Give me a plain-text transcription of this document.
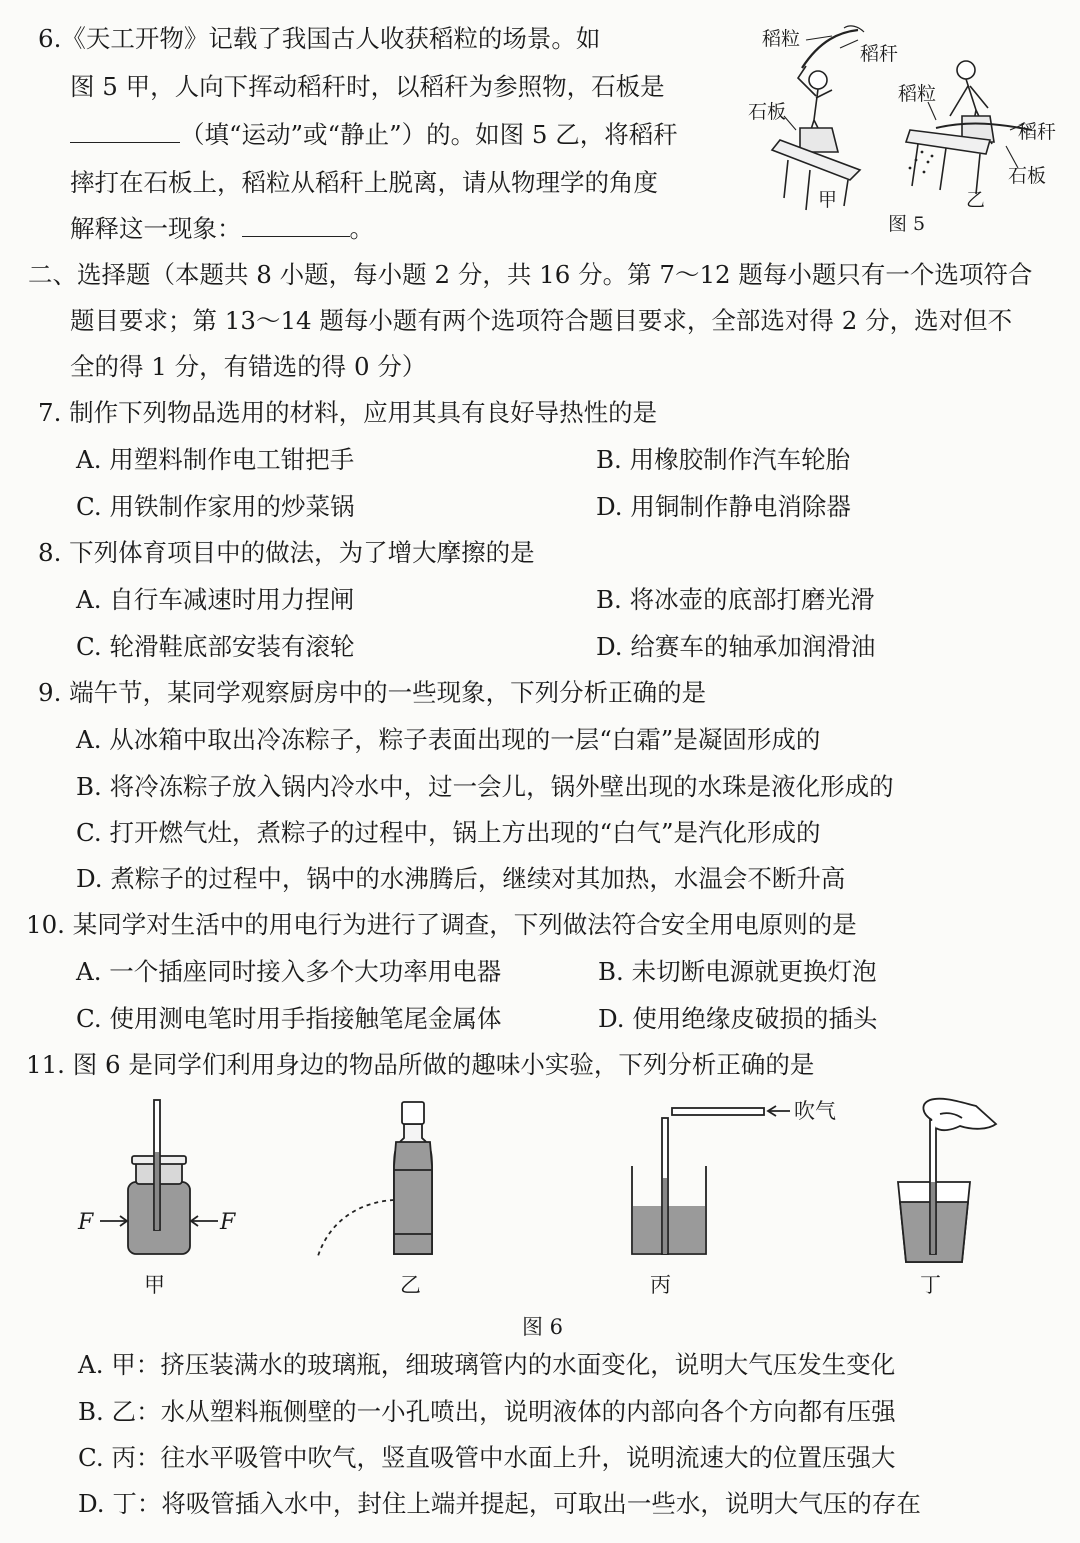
6.《天工开物》记载了我国古人收获稻粒的场景。如
图 5 甲，人向下挥动稻秆时，以稻秆为参照物，石板是
（填“运动”或“静止”）的。如图 5 乙，将稻秆
摔打在石板上，稻粒从稻秆上脱离，请从物理学的角度
解释这一现象：	。
稻粒
稻秆
石板
稻粒
稻秆
石板
甲	乙
图 5
二、选择题（本题共 8 小题，每小题 2 分，共 16 分。第 7～12 题每小题只有一个选项符合
题目要求；第 13～14 题每小题有两个选项符合题目要求，全部选对得 2 分，选对但不
全的得 1 分，有错选的得 0 分）
7. 制作下列物品选用的材料，应用其具有良好导热性的是
A. 用塑料制作电工钳把手	B. 用橡胶制作汽车轮胎
C. 用铁制作家用的炒菜锅	D. 用铜制作静电消除器
8. 下列体育项目中的做法，为了增大摩擦的是
A. 自行车减速时用力捏闸	B. 将冰壶的底部打磨光滑
C. 轮滑鞋底部安装有滚轮	D. 给赛车的轴承加润滑油
9. 端午节，某同学观察厨房中的一些现象，下列分析正确的是
A. 从冰箱中取出冷冻粽子，粽子表面出现的一层“白霜”是凝固形成的
B. 将冷冻粽子放入锅内冷水中，过一会儿，锅外壁出现的水珠是液化形成的
C. 打开燃气灶，煮粽子的过程中，锅上方出现的“白气”是汽化形成的
D. 煮粽子的过程中，锅中的水沸腾后，继续对其加热，水温会不断升高
10. 某同学对生活中的用电行为进行了调查，下列做法符合安全用电原则的是
A. 一个插座同时接入多个大功率用电器	B. 未切断电源就更换灯泡
C. 使用测电笔时用手指接触笔尾金属体	D. 使用绝缘皮破损的插头
11. 图 6 是同学们利用身边的物品所做的趣味小实验，下列分析正确的是
F	F
吹气
甲	乙	丙	丁
图 6
A. 甲：挤压装满水的玻璃瓶，细玻璃管内的水面变化，说明大气压发生变化
B. 乙：水从塑料瓶侧壁的一小孔喷出，说明液体的内部向各个方向都有压强
C. 丙：往水平吸管中吹气，竖直吸管中水面上升，说明流速大的位置压强大
D. 丁：将吸管插入水中，封住上端并提起，可取出一些水，说明大气压的存在
